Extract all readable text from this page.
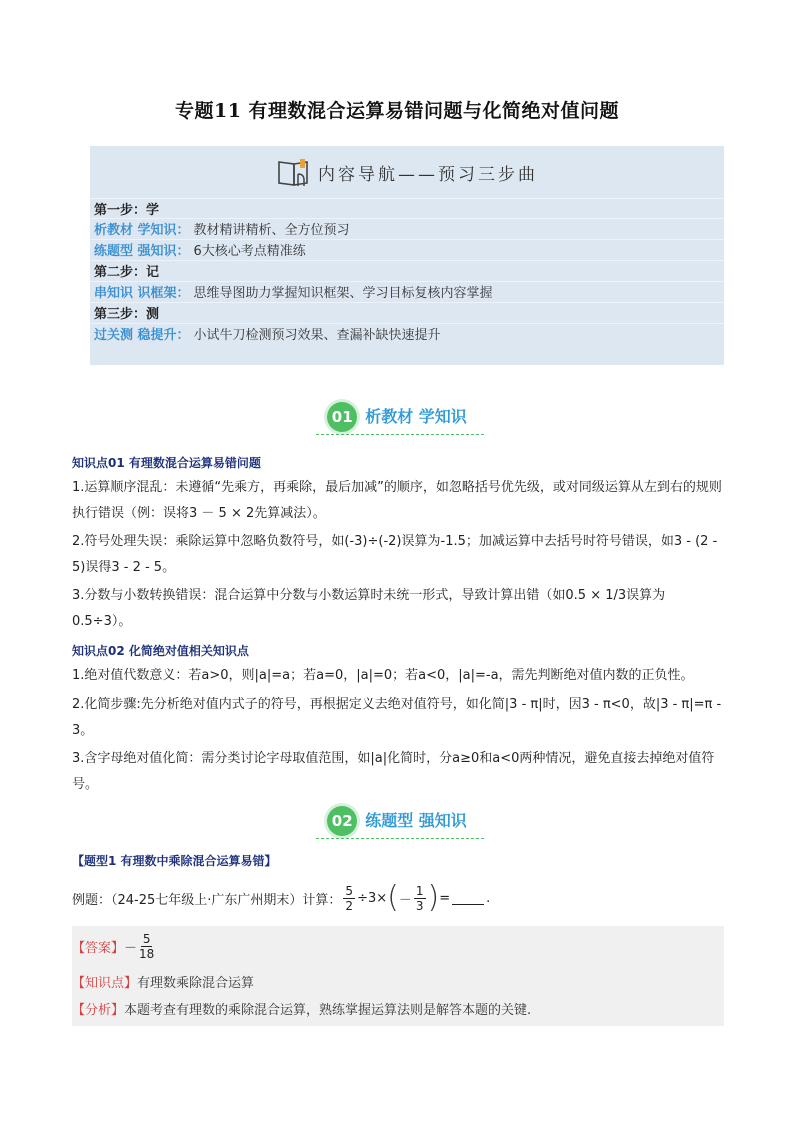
专题11 有理数混合运算易错问题与化简绝对值问题
内容导航——预习三步曲
第一步：学
析教材 学知识： 教材精讲精析、全方位预习
练题型 强知识： 6大核心考点精准练
第二步：记
串知识 识框架： 思维导图助力掌握知识框架、学习目标复核内容掌握
第三步：测
过关测 稳提升： 小试牛刀检测预习效果、查漏补缺快速提升
01 析教材 学知识
知识点01 有理数混合运算易错问题
1.运算顺序混乱：未遵循“先乘方，再乘除，最后加减”的顺序，如忽略括号优先级，或对同级运算从左到右的规则执行错误（例：误将3 － 5 × 2先算减法）。
2.符号处理失误：乘除运算中忽略负数符号，如(-3)÷(-2)误算为-1.5；加减运算中去括号时符号错误，如3 - (2 - 5)误得3 - 2 - 5。
3.分数与小数转换错误：混合运算中分数与小数运算时未统一形式，导致计算出错（如0.5 × 1/3误算为0.5÷3）。
知识点02 化简绝对值相关知识点
1.绝对值代数意义：若a>0，则|a|=a；若a=0，|a|=0；若a<0，|a|=-a，需先判断绝对值内数的正负性。
2.化简步骤:先分析绝对值内式子的符号，再根据定义去绝对值符号，如化简|3 - π|时，因3 - π<0，故|3 - π|=π - 3。
3.含字母绝对值化简：需分类讨论字母取值范围，如|a|化简时，分a≥0和a<0两种情况，避免直接去掉绝对值符号。
02 练题型 强知识
【题型1 有理数中乘除混合运算易错】
例题：（24-25七年级上·广东广州期末）计算： $\frac{5}{2} \div 3\times$ ( － $\frac{1}{3}$ ) =	.
【答案】 － $\frac{5}{18}$
【知识点】 有理数乘除混合运算
【分析】 本题考查有理数的乘除混合运算，熟练掌握运算法则是解答本题的关键.
